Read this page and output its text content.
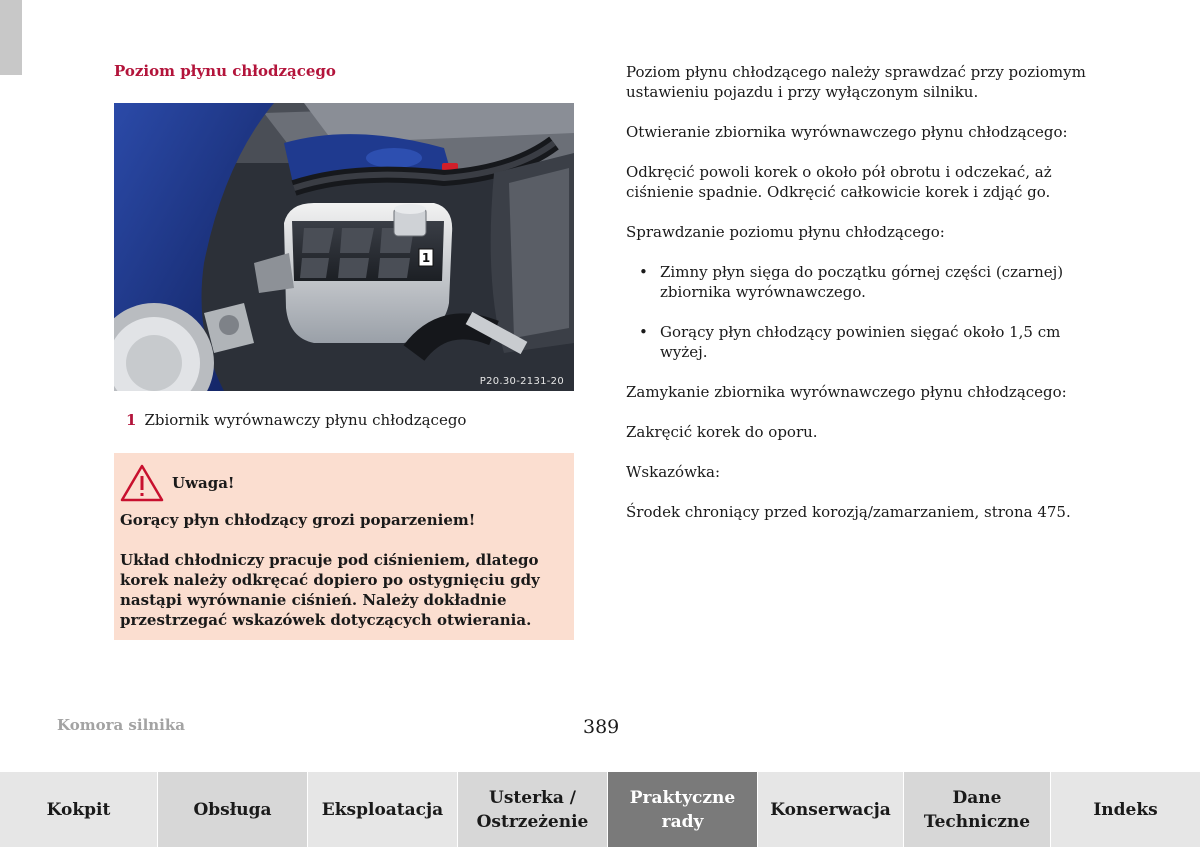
Poziom płynu chłodzącego
1
P20.30-2131-20
1 Zbiornik wyrównawczy płynu chłodzącego
Uwaga!

Gorący płyn chłodzący grozi poparzeniem!

Układ chłodniczy pracuje pod ciśnieniem, dlatego korek należy odkręcać dopiero po ostygnięciu gdy nastąpi wyrównanie ciśnień. Należy dokładnie przestrzegać wskazówek dotyczących otwierania.

Poziom płynu chłodzącego należy sprawdzać przy poziomym ustawieniu pojazdu i przy wyłączonym silniku.

Otwieranie zbiornika wyrównawczego płynu chłodzącego:

Odkręcić powoli korek o około pół obrotu i odczekać, aż ciśnienie spadnie. Odkręcić całkowicie korek i zdjąć go.

Sprawdzanie poziomu płynu chłodzącego:

• Zimny płyn sięga do początku górnej części (czarnej) zbiornika wyrównawczego.
• Gorący płyn chłodzący powinien sięgać około 1,5 cm wyżej.

Zamykanie zbiornika wyrównawczego płynu chłodzącego:

Zakręcić korek do oporu.

Wskazówka:

Środek chroniący przed korozją/zamarzaniem, strona 475.

Komora silnika	389
Kokpit	Obsługa	Eksploatacja
Usterka /
Ostrzeżenie
Praktyczne
rady
Konserwacja
Dane
Techniczne
Indeks
